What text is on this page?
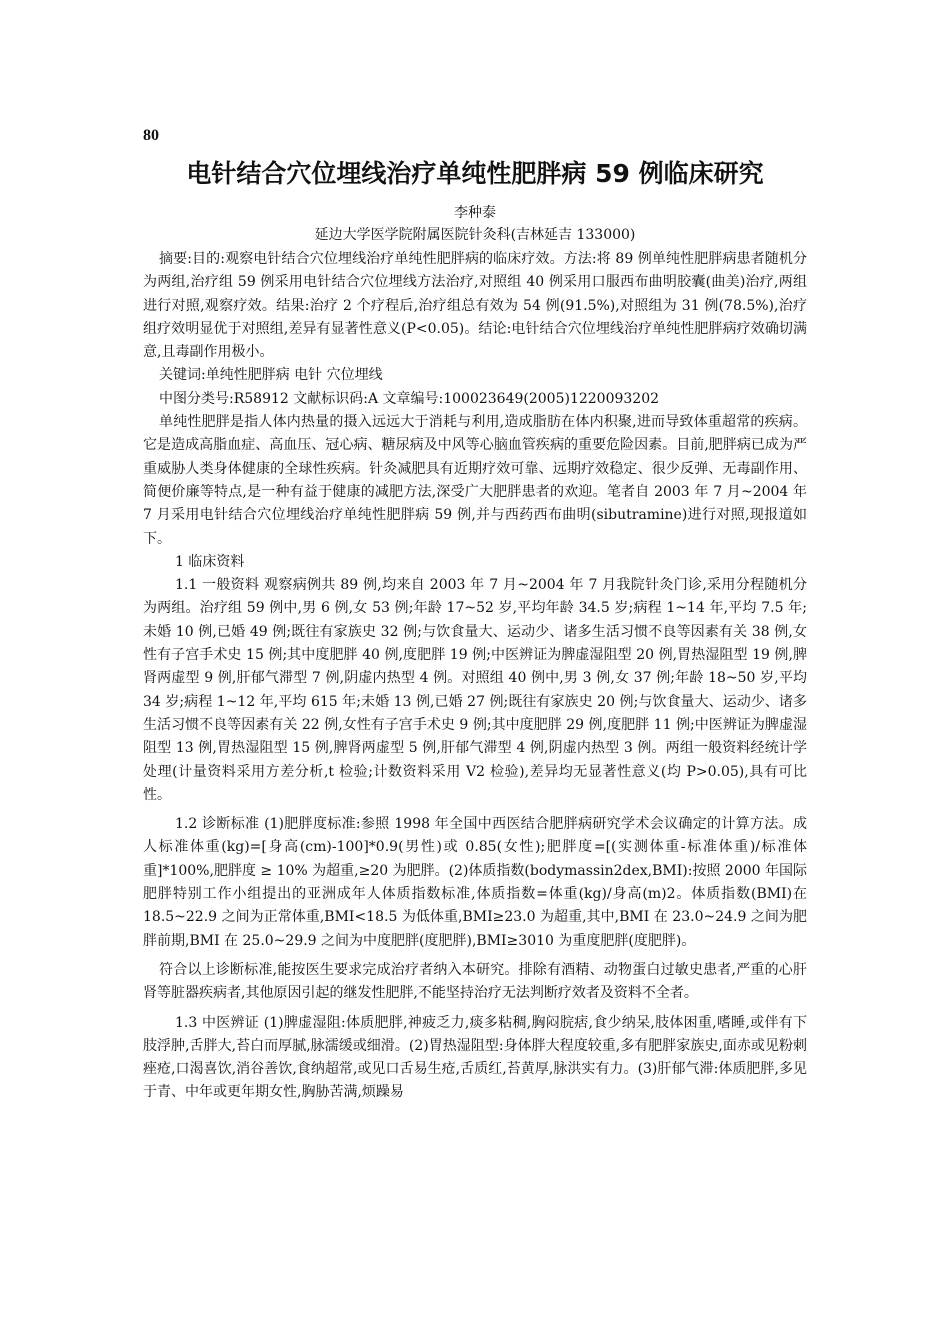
80
电针结合穴位埋线治疗单纯性肥胖病 59 例临床研究
李种泰
延边大学医学院附属医院针灸科(吉林延吉 133000)

摘要:目的:观察电针结合穴位埋线治疗单纯性肥胖病的临床疗效。方法:将 89 例单纯性肥胖病患者随机分为两组,治疗组 59 例采用电针结合穴位埋线方法治疗,对照组 40 例采用口服西布曲明胶囊(曲美)治疗,两组进行对照,观察疗效。结果:治疗 2 个疗程后,治疗组总有效为 54 例(91.5%),对照组为 31 例(78.5%),治疗组疗效明显优于对照组,差异有显著性意义(P<0.05)。结论:电针结合穴位埋线治疗单纯性肥胖病疗效确切满意,且毒副作用极小。

关键词:单纯性肥胖病 电针 穴位埋线

中图分类号:R58912 文献标识码:A 文章编号:100023649(2005)1220093202

单纯性肥胖是指人体内热量的摄入远远大于消耗与利用,造成脂肪在体内积聚,进而导致体重超常的疾病。它是造成高脂血症、高血压、冠心病、糖尿病及中风等心脑血管疾病的重要危险因素。目前,肥胖病已成为严重威胁人类身体健康的全球性疾病。针灸减肥具有近期疗效可靠、远期疗效稳定、很少反弹、无毒副作用、简便价廉等特点,是一种有益于健康的减肥方法,深受广大肥胖患者的欢迎。笔者自 2003 年 7 月~2004 年 7 月采用电针结合穴位埋线治疗单纯性肥胖病 59 例,并与西药西布曲明(sibutramine)进行对照,现报道如下。

1 临床资料

1.1 一般资料 观察病例共 89 例,均来自 2003 年 7 月~2004 年 7 月我院针灸门诊,采用分程随机分为两组。治疗组 59 例中,男 6 例,女 53 例;年龄 17~52 岁,平均年龄 34.5 岁;病程 1~14 年,平均 7.5 年;未婚 10 例,已婚 49 例;既往有家族史 32 例;与饮食量大、运动少、诸多生活习惯不良等因素有关 38 例,女性有子宫手术史 15 例;其中度肥胖 40 例,度肥胖 19 例;中医辨证为脾虚湿阻型 20 例,胃热湿阻型 19 例,脾肾两虚型 9 例,肝郁气滞型 7 例,阴虚内热型 4 例。对照组 40 例中,男 3 例,女 37 例;年龄 18~50 岁,平均 34 岁;病程 1~12 年,平均 615 年;未婚 13 例,已婚 27 例;既往有家族史 20 例;与饮食量大、运动少、诸多生活习惯不良等因素有关 22 例,女性有子宫手术史 9 例;其中度肥胖 29 例,度肥胖 11 例;中医辨证为脾虚湿阻型 13 例,胃热湿阻型 15 例,脾肾两虚型 5 例,肝郁气滞型 4 例,阴虚内热型 3 例。两组一般资料经统计学处理(计量资料采用方差分析,t 检验;计数资料采用 V2 检验),差异均无显著性意义(均 P>0.05),具有可比性。

1.2 诊断标准 (1)肥胖度标准:参照 1998 年全国中西医结合肥胖病研究学术会议确定的计算方法。成人标准体重(kg)=[身高(cm)-100]*0.9(男性)或 0.85(女性);肥胖度=[(实测体重-标准体重)/标准体重]*100%,肥胖度 ≥ 10% 为超重,≥20 为肥胖。(2)体质指数(bodymassin2dex,BMI):按照 2000 年国际肥胖特别工作小组提出的亚洲成年人体质指数标准,体质指数=体重(kg)/身高(m)2。体质指数(BMI)在 18.5~22.9 之间为正常体重,BMI<18.5 为低体重,BMI≥23.0 为超重,其中,BMI 在 23.0~24.9 之间为肥胖前期,BMI 在 25.0~29.9 之间为中度肥胖(度肥胖),BMI≥3010 为重度肥胖(度肥胖)。

符合以上诊断标准,能按医生要求完成治疗者纳入本研究。排除有酒精、动物蛋白过敏史患者,严重的心肝肾等脏器疾病者,其他原因引起的继发性肥胖,不能坚持治疗无法判断疗效者及资料不全者。

1.3 中医辨证 (1)脾虚湿阻:体质肥胖,神疲乏力,痰多粘稠,胸闷脘痞,食少纳呆,肢体困重,嗜睡,或伴有下肢浮肿,舌胖大,苔白而厚腻,脉濡缓或细滑。(2)胃热湿阻型:身体胖大程度较重,多有肥胖家族史,面赤或见粉刺痤疮,口渴喜饮,消谷善饮,食纳超常,或见口舌易生疮,舌质红,苔黄厚,脉洪实有力。(3)肝郁气滞:体质肥胖,多见于青、中年或更年期女性,胸胁苦满,烦躁易
